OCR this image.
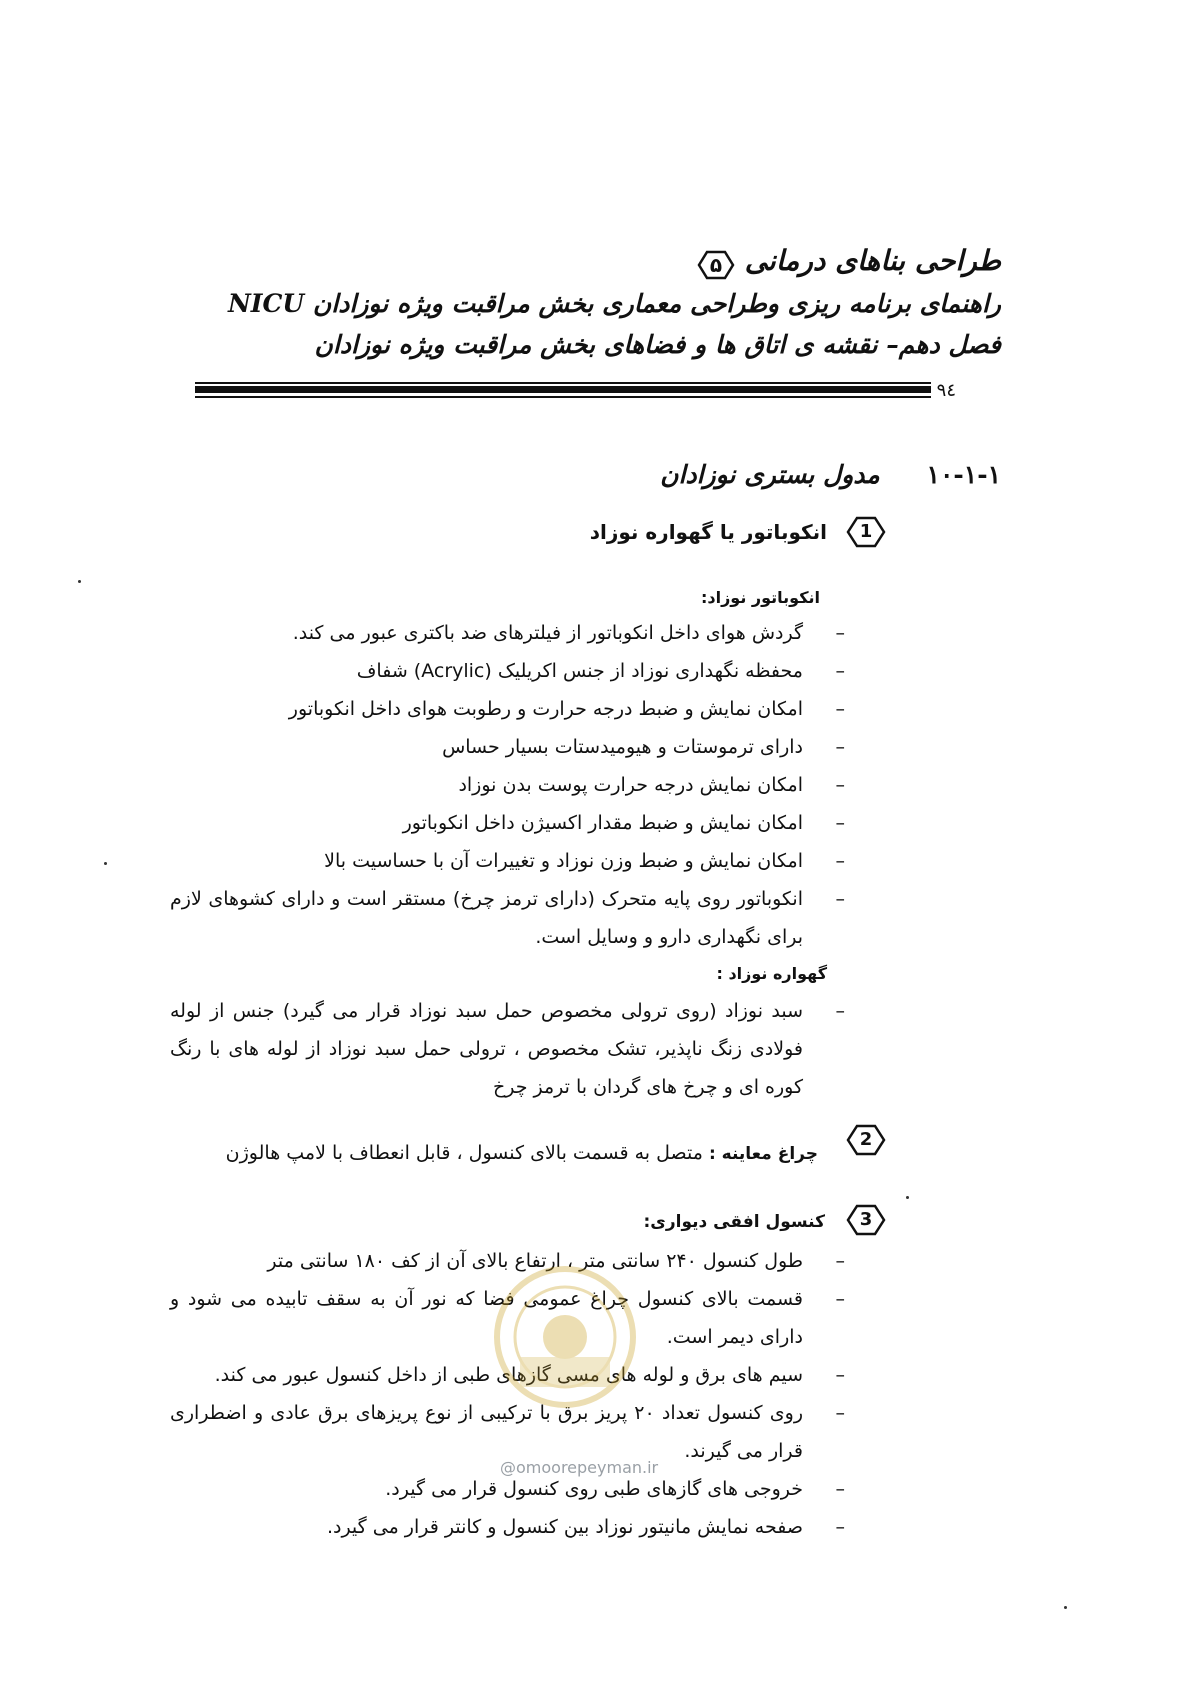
طراحی بناهای درمانی
۵
راهنمای برنامه ریزی وطراحی معماری بخش مراقبت ویژه نوزادان NICU
فصل دهم– نقشه ی اتاق ها و فضاهای بخش مراقبت ویژه نوزادان
۹٤
۱۰-۱-۱ مدول بستری نوزادان
1
انکوباتور یا گهواره نوزاد
انکوباتور نوزاد:
–
گردش هوای داخل انکوباتور از فیلترهای ضد باکتری عبور می کند.
–
محفظه نگهداری نوزاد از جنس اکریلیک (Acrylic) شفاف
–
امکان نمایش و ضبط درجه حرارت و رطوبت هوای داخل انکوباتور
–
دارای ترموستات و هیومیدستات بسیار حساس
–
امکان نمایش درجه حرارت پوست بدن نوزاد
–
امکان نمایش و ضبط مقدار اکسیژن داخل انکوباتور
–
امکان نمایش و ضبط وزن نوزاد و تغییرات آن با حساسیت بالا
–
انکوباتور روی پایه متحرک (دارای ترمز چرخ) مستقر است و دارای کشوهای لازم برای نگهداری دارو و وسایل است.
گهواره نوزاد :
–
سبد نوزاد (روی ترولی مخصوص حمل سبد نوزاد قرار می گیرد) جنس از لوله فولادی زنگ ناپذیر، تشک مخصوص ، ترولی حمل سبد نوزاد از لوله های با رنگ کوره ای و چرخ های گردان با ترمز چرخ
2
چراغ معاینه : متصل به قسمت بالای کنسول ، قابل انعطاف با لامپ هالوژن
3
کنسول افقی دیواری:
–
طول کنسول ۲۴۰ سانتی متر ، ارتفاع بالای آن از کف ۱۸۰ سانتی متر
–
قسمت بالای کنسول چراغ عمومی فضا که نور آن به سقف تابیده می شود و دارای دیمر است.
–
سیم های برق و لوله های مسی گازهای طبی از داخل کنسول عبور می کند.
–
روی کنسول تعداد ۲۰ پریز برق با ترکیبی از نوع پریزهای برق عادی و اضطراری قرار می گیرند.
–
خروجی های گازهای طبی روی کنسول قرار می گیرد.
–
صفحه نمایش مانیتور نوزاد بین کنسول و کانتر قرار می گیرد.
@omoorepeyman.ir
